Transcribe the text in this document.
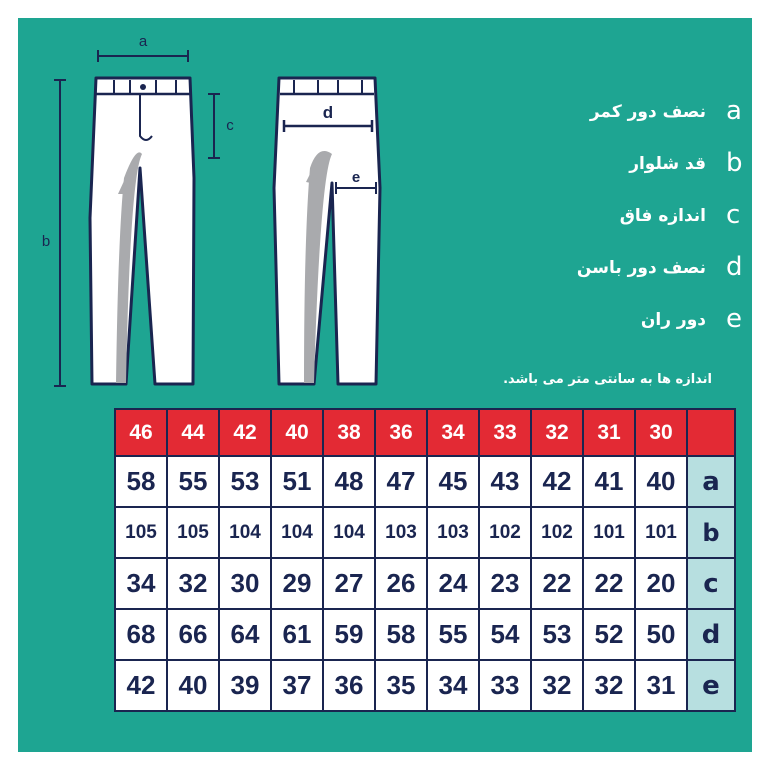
a
b
c
d
e
نصف دور کمر a
قد شلوار b
اندازه فاق c
نصف دور باسن d
دور ران e
.اندازه ها به سانتی متر می باشد
46	44	42	40	38	36	34	33	32	31	30	
58	55	53	51	48	47	45	43	42	41	40	a
105	105	104	104	104	103	103	102	102	101	101	b
34	32	30	29	27	26	24	23	22	22	20	c
68	66	64	61	59	58	55	54	53	52	50	d
42	40	39	37	36	35	34	33	32	32	31	e
